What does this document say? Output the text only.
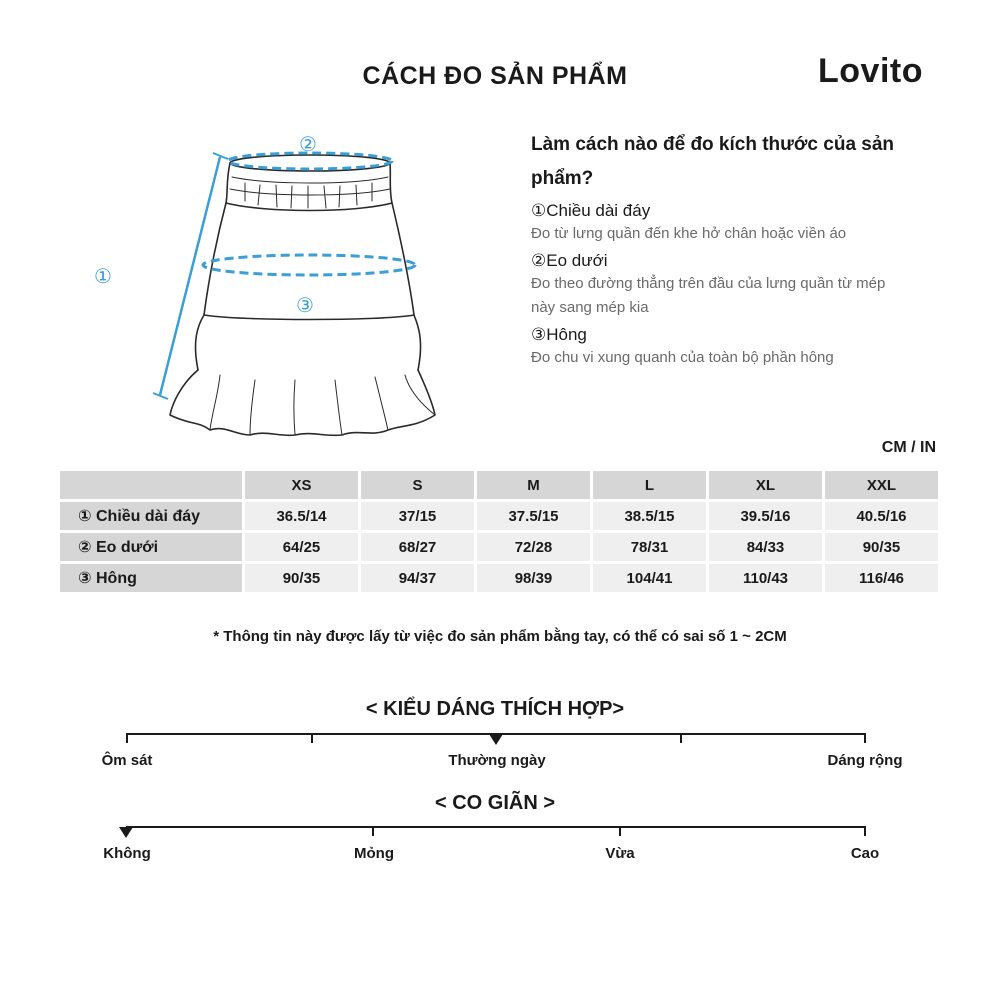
CÁCH ĐO SẢN PHẨM	Lovito
②
③
①
Làm cách nào để đo kích thước của sản phẩm?
①Chiều dài đáy
Đo từ lưng quần đến khe hở chân hoặc viền áo
②Eo dưới
Đo theo đường thẳng trên đầu của lưng quần từ mép này sang mép kia
③Hông
Đo chu vi xung quanh của toàn bộ phần hông
CM / IN
	XS	S	M	L	XL	XXL
① Chiều dài đáy	36.5/14	37/15	37.5/15	38.5/15	39.5/16	40.5/16
② Eo dưới	64/25	68/27	72/28	78/31	84/33	90/35
③ Hông	90/35	94/37	98/39	104/41	110/43	116/46
* Thông tin này được lấy từ việc đo sản phẩm bằng tay, có thể có sai số 1 ~ 2CM
< KIỂU DÁNG THÍCH HỢP>
Ôm sát	Thường ngày	Dáng rộng
< CO GIÃN >
Không	Mỏng	Vừa	Cao
